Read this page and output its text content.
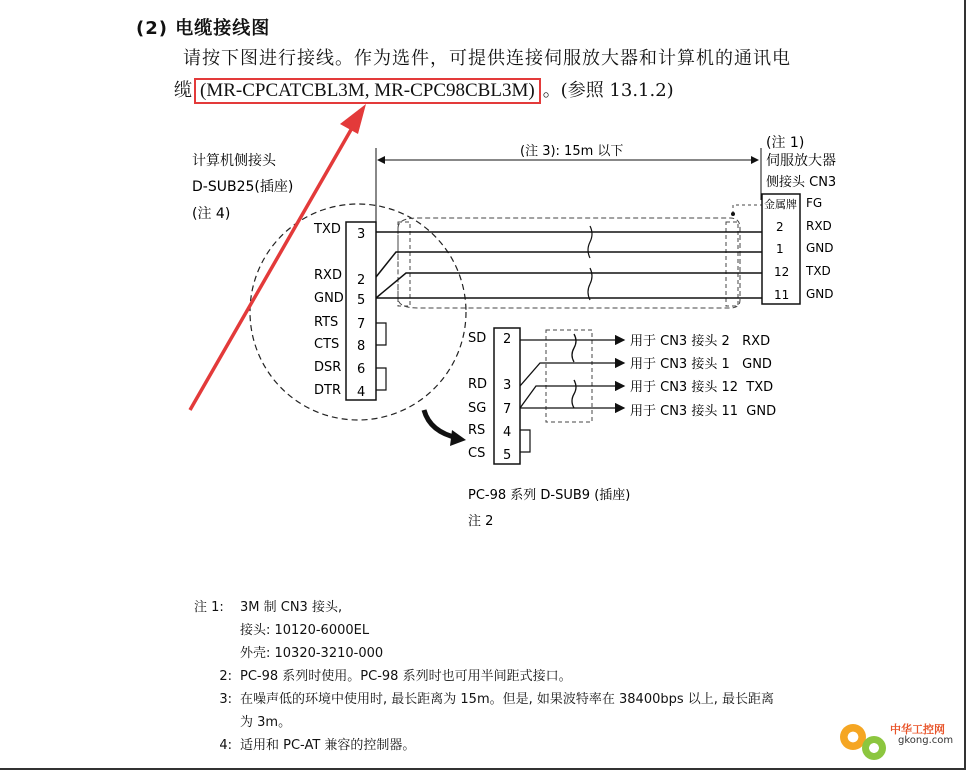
(2) 电缆接线图
请按下图进行接线。作为选件，可提供连接伺服放大器和计算机的通讯电
缆 (MR-CPCATCBL3M, MR-CPC98CBL3M) 。(参照 13.1.2)
计算机侧接头
D-SUB25(插座)
(注 4)
TXD 3
RXD 2
GND 5
RTS 7
CTS 8
DSR 6
DTR 4
(注 3): 15m 以下
(注 1)
伺服放大器
侧接头 CN3
金属牌 FG
2 RXD
1 GND
12 TXD
11 GND
SD 2
RD 3
SG 7
RS 4
CS 5
用于 CN3 接头 2   RXD
用于 CN3 接头 1   GND
用于 CN3 接头 12  TXD
用于 CN3 接头 11  GND
PC-98 系列 D-SUB9 (插座)
注 2
注 1:	3M 制 CN3 接头,
接头: 10120-6000EL
外壳: 10320-3210-000
2: PC-98 系列时使用。PC-98 系列时也可用半间距式接口。
3: 在噪声低的环境中使用时, 最长距离为 15m。但是, 如果波特率在 38400bps 以上, 最长距离
为 3m。
4: 适用和 PC-AT 兼容的控制器。
中华工控网
gkong.com
